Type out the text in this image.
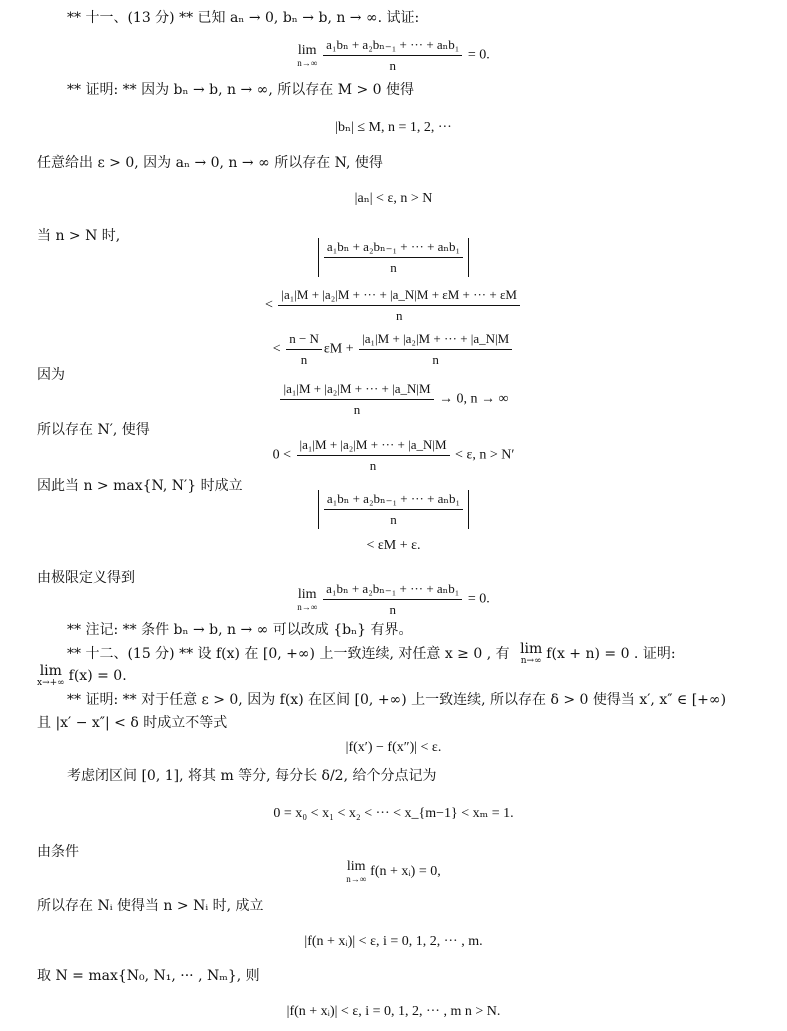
** 十一、(13 分) ** 已知 aₙ → 0, bₙ → b, n → ∞. 试证:
lim
$n\to\infty \frac{\text{a₁bₙ + a₂bₙ₋₁ + ··· + aₙb₁}}{n} = 0$.
** 证明: ** 因为 bₙ → b, n → ∞, 所以存在 M > 0 使得
|bₙ| ≤ M, n = 1, 2, ···
任意给出 ε > 0, 因为 aₙ → 0, n → ∞ 所以存在 N, 使得
|aₙ| < ε, n > N
当 n > N 时,
$\frac{\text{a₁bₙ + a₂bₙ₋₁ + ··· + aₙb₁}}{n}$
< $\frac{\text{|a₁|M + |a₂|M + ··· + |a\_N|M + εM + ··· + εM}}{n}$
< $\frac{n - N}{n}$ $\varepsilon M + \frac{\text{|a₁|M + |a₂|M + ··· + |a\_N|M}}{n}$
因为
$\frac{\text{|a₁|M + |a₂|M + ··· + |a\_N|M}}{n} \to 0$, n → ∞
所以存在 N′, 使得
$0 < \frac{\text{|a₁|M + |a₂|M + ··· + |a\_N|M}}{n} < \varepsilon$, n > N′
因此当 n > max{N, N′} 时成立
$\frac{\text{a₁bₙ + a₂bₙ₋₁ + ··· + aₙb₁}}{n}$
< εM + ε.
由极限定义得到
lim
$n\to\infty \frac{\text{a₁bₙ + a₂bₙ₋₁ + ··· + aₙb₁}}{n} = 0$.
** 注记: ** 条件 bₙ → b, n → ∞ 可以改成 {bₙ} 有界。
** 十二、(15 分) ** 设 f(x) 在 [0, +∞) 上一致连续, 对任意 x ≥ 0 , 有 lim
n→∞ f(x + n) = 0 . 证明:
lim
x→+∞ f(x) = 0.
** 证明: ** 对于任意 ε > 0, 因为 f(x) 在区间 [0, +∞) 上一致连续, 所以存在 δ > 0 使得当 x′, x″ ∈ [+∞)
且 |x′ − x″| < δ 时成立不等式
|f(x′) − f(x″)| < ε.
考虑闭区间 [0, 1], 将其 m 等分, 每分长 δ/2, 给个分点记为
0 = x₀ < x₁ < x₂ < ··· < x_{m−1} < xₘ = 1.
由条件
lim
n→∞ f(n + xᵢ) = 0,
所以存在 Nᵢ 使得当 n > Nᵢ 时, 成立
|f(n + xᵢ)| < ε, i = 0, 1, 2, ··· , m.
取 N = max{N₀, N₁, ··· , Nₘ}, 则
|f(n + xᵢ)| < ε, i = 0, 1, 2, ··· , m n > N.
